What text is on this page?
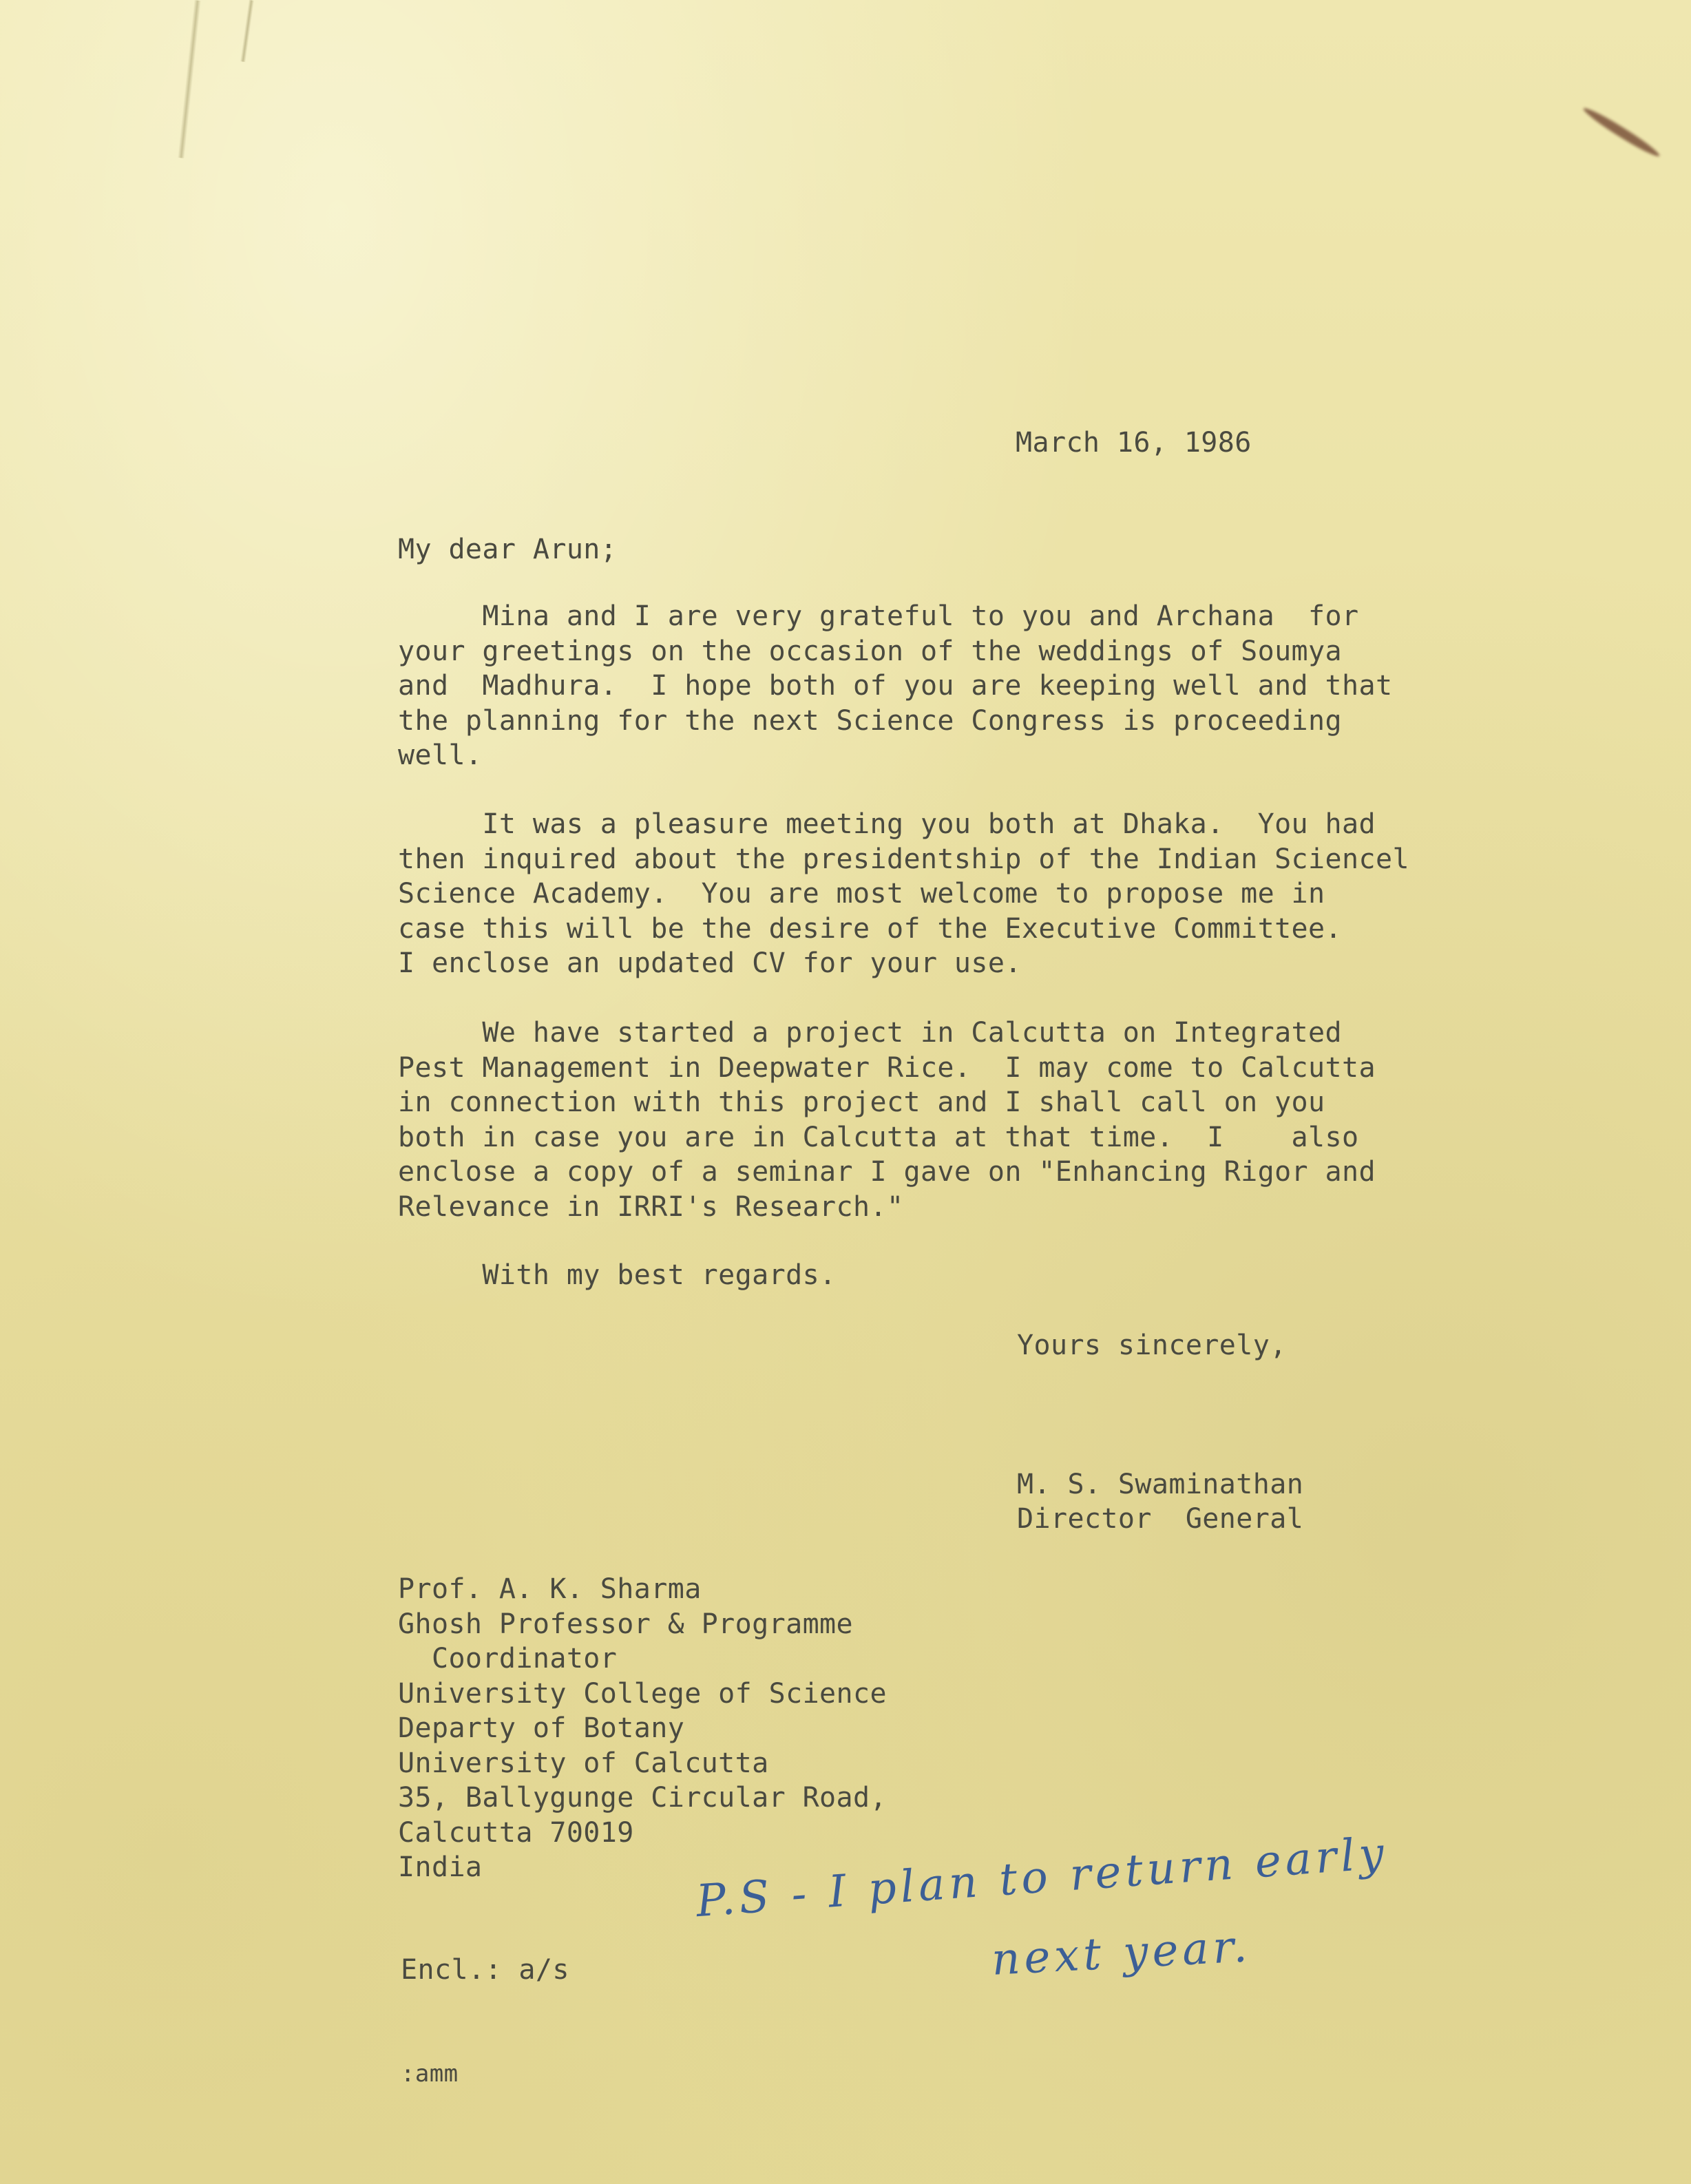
March 16, 1986

My dear Arun;

Mina and I are very grateful to you and Archana  for
your greetings on the occasion of the weddings of Soumya
and  Madhura.  I hope both of you are keeping well and that
the planning for the next Science Congress is proceeding
well.

It was a pleasure meeting you both at Dhaka.  You had
then inquired about the presidentship of the Indian Sciencel
Science Academy.  You are most welcome to propose me in
case this will be the desire of the Executive Committee.
I enclose an updated CV for your use.

We have started a project in Calcutta on Integrated
Pest Management in Deepwater Rice.  I may come to Calcutta
in connection with this project and I shall call on you
both in case you are in Calcutta at that time.  I    also
enclose a copy of a seminar I gave on "Enhancing Rigor and
Relevance in IRRI's Research."

With my best regards.

Yours sincerely,

M. S. Swaminathan

Director  General

Prof. A. K. Sharma
Ghosh Professor & Programme
Coordinator
University College of Science
Departy of Botany
University of Calcutta
35, Ballygunge Circular Road,
Calcutta 70019
India	P.S - I plan to return early
next year.

Encl.: a/s

:amm
